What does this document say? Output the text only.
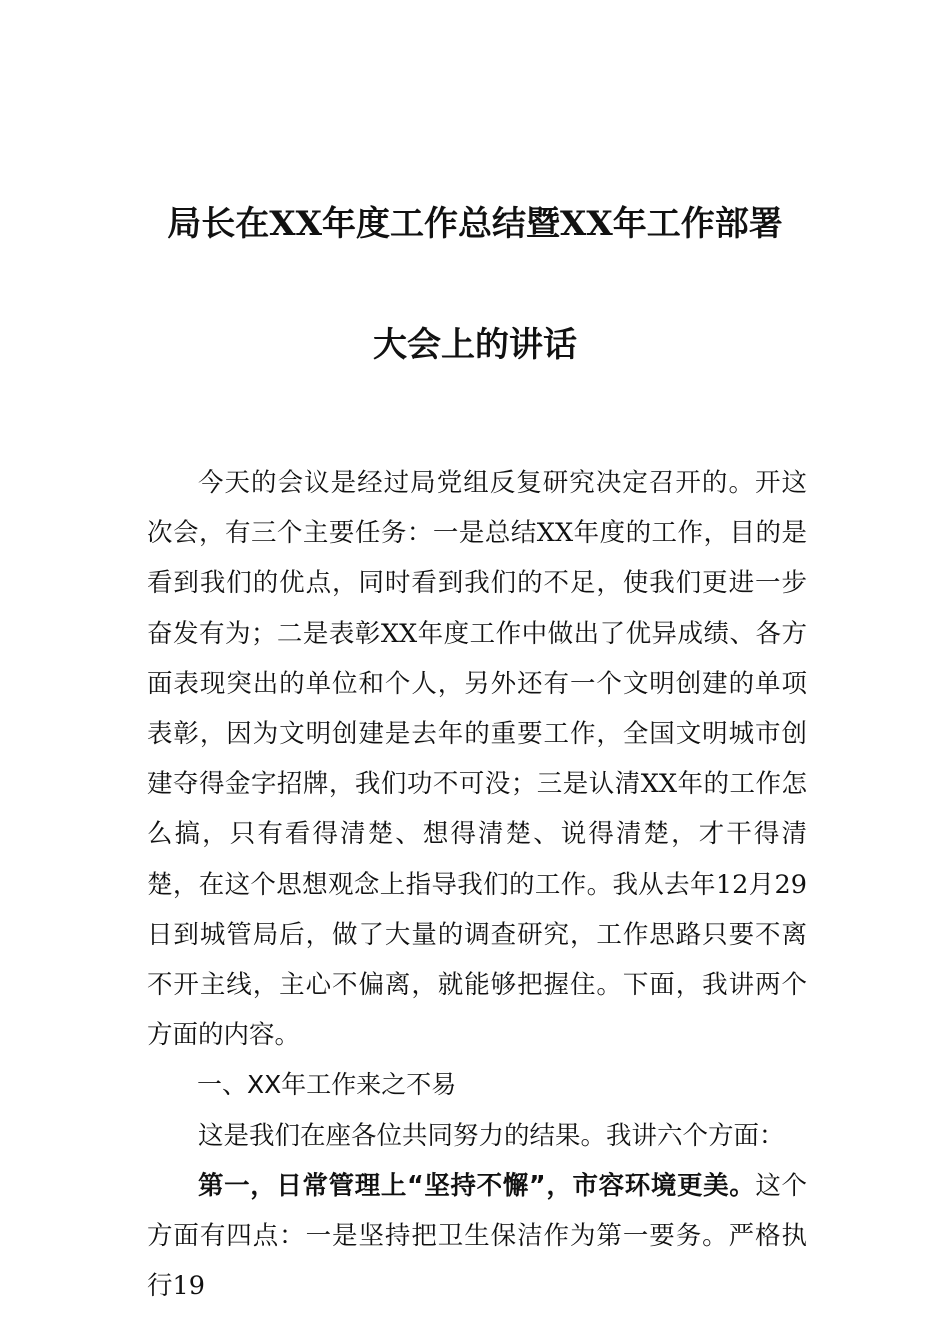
局长在XX年度工作总结暨XX年工作部署
大会上的讲话

今天的会议是经过局党组反复研究决定召开的。开这次会，有三个主要任务：一是总结XX年度的工作，目的是看到我们的优点，同时看到我们的不足，使我们更进一步奋发有为；二是表彰XX年度工作中做出了优异成绩、各方面表现突出的单位和个人，另外还有一个文明创建的单项表彰，因为文明创建是去年的重要工作，全国文明城市创建夺得金字招牌，我们功不可没；三是认清XX年的工作怎么搞，只有看得清楚、想得清楚、说得清楚，才干得清楚，在这个思想观念上指导我们的工作。我从去年12月29日到城管局后，做了大量的调查研究，工作思路只要不离不开主线，主心不偏离，就能够把握住。下面，我讲两个方面的内容。

一、XX年工作来之不易

这是我们在座各位共同努力的结果。我讲六个方面：

第一，日常管理上“坚持不懈”，市容环境更美。这个方面有四点：一是坚持把卫生保洁作为第一要务。严格执行19
